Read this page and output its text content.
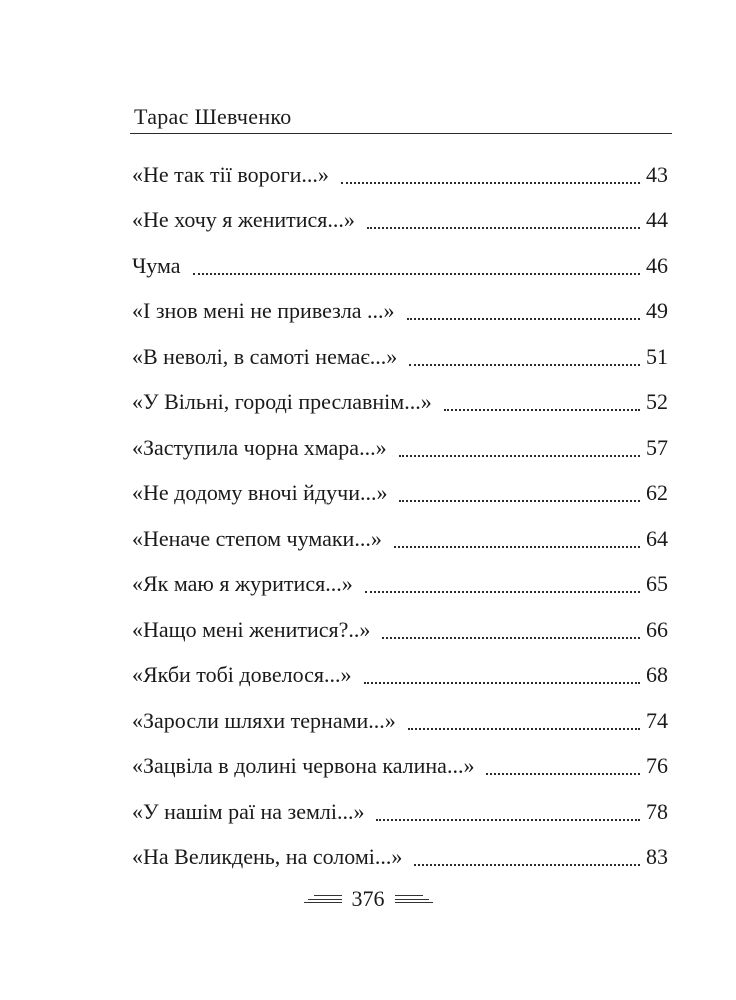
Тарас Шевченко
«Не так тії вороги...»	43
«Не хочу я женитися...»	44
Чума	46
«І знов мені не привезла ...»	49
«В неволі, в самоті немає...»	51
«У Вільні, городі преславнім...»	52
«Заступила чорна хмара...»	57
«Не додому вночі йдучи...»	62
«Неначе степом чумаки...»	64
«Як маю я журитися...»	65
«Нащо мені женитися?..»	66
«Якби тобі довелося...»	68
«Заросли шляхи тернами...»	74
«Зацвіла в долині червона калина...»	76
«У нашім раї на землі...»	78
«На Великдень, на соломі...»	83
376
